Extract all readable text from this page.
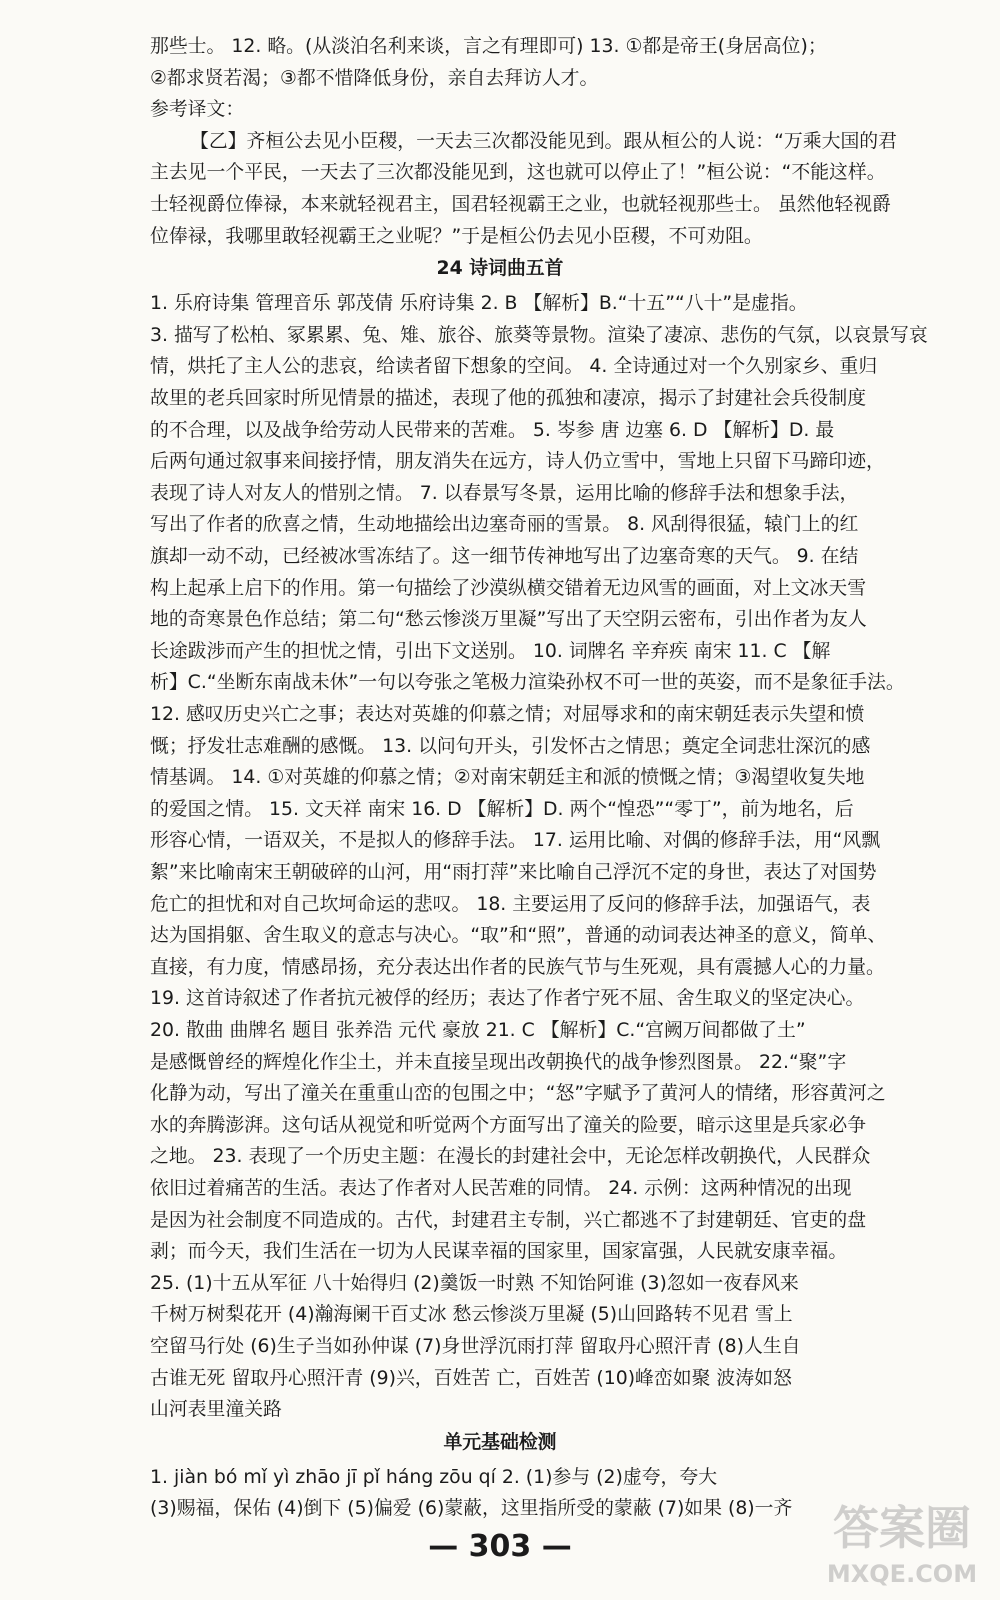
那些士。 12. 略。(从淡泊名利来谈，言之有理即可) 13. ①都是帝王(身居高位)；
②都求贤若渴；③都不惜降低身份，亲自去拜访人才。
参考译文：
【乙】齐桓公去见小臣稷，一天去三次都没能见到。跟从桓公的人说：“万乘大国的君
主去见一个平民，一天去了三次都没能见到，这也就可以停止了！”桓公说：“不能这样。
士轻视爵位俸禄，本来就轻视君主，国君轻视霸王之业，也就轻视那些士。 虽然他轻视爵
位俸禄，我哪里敢轻视霸王之业呢？”于是桓公仍去见小臣稷，不可劝阻。
24 诗词曲五首
1. 乐府诗集 管理音乐 郭茂倩 乐府诗集 2. B 【解析】B.“十五”“八十”是虚指。
3. 描写了松柏、冢累累、兔、雉、旅谷、旅葵等景物。渲染了凄凉、悲伤的气氛，以哀景写哀
情，烘托了主人公的悲哀，给读者留下想象的空间。 4. 全诗通过对一个久别家乡、重归
故里的老兵回家时所见情景的描述，表现了他的孤独和凄凉，揭示了封建社会兵役制度
的不合理，以及战争给劳动人民带来的苦难。 5. 岑参 唐 边塞 6. D 【解析】D. 最
后两句通过叙事来间接抒情，朋友消失在远方，诗人仍立雪中，雪地上只留下马蹄印迹，
表现了诗人对友人的惜别之情。 7. 以春景写冬景，运用比喻的修辞手法和想象手法，
写出了作者的欣喜之情，生动地描绘出边塞奇丽的雪景。 8. 风刮得很猛，辕门上的红
旗却一动不动，已经被冰雪冻结了。这一细节传神地写出了边塞奇寒的天气。 9. 在结
构上起承上启下的作用。第一句描绘了沙漠纵横交错着无边风雪的画面，对上文冰天雪
地的奇寒景色作总结；第二句“愁云惨淡万里凝”写出了天空阴云密布，引出作者为友人
长途跋涉而产生的担忧之情，引出下文送别。 10. 词牌名 辛弃疾 南宋 11. C 【解
析】C.“坐断东南战未休”一句以夸张之笔极力渲染孙权不可一世的英姿，而不是象征手法。
12. 感叹历史兴亡之事；表达对英雄的仰慕之情；对屈辱求和的南宋朝廷表示失望和愤
慨；抒发壮志难酬的感慨。 13. 以问句开头，引发怀古之情思；奠定全词悲壮深沉的感
情基调。 14. ①对英雄的仰慕之情；②对南宋朝廷主和派的愤慨之情；③渴望收复失地
的爱国之情。 15. 文天祥 南宋 16. D 【解析】D. 两个“惶恐”“零丁”，前为地名，后
形容心情，一语双关，不是拟人的修辞手法。 17. 运用比喻、对偶的修辞手法，用“风飘
絮”来比喻南宋王朝破碎的山河，用“雨打萍”来比喻自己浮沉不定的身世，表达了对国势
危亡的担忧和对自己坎坷命运的悲叹。 18. 主要运用了反问的修辞手法，加强语气，表
达为国捐躯、舍生取义的意志与决心。“取”和“照”，普通的动词表达神圣的意义，简单、
直接，有力度，情感昂扬，充分表达出作者的民族气节与生死观，具有震撼人心的力量。
19. 这首诗叙述了作者抗元被俘的经历；表达了作者宁死不屈、舍生取义的坚定决心。
20. 散曲 曲牌名 题目 张养浩 元代 豪放 21. C 【解析】C.“宫阙万间都做了土”
是感慨曾经的辉煌化作尘土，并未直接呈现出改朝换代的战争惨烈图景。 22.“聚”字
化静为动，写出了潼关在重重山峦的包围之中；“怒”字赋予了黄河人的情绪，形容黄河之
水的奔腾澎湃。这句话从视觉和听觉两个方面写出了潼关的险要，暗示这里是兵家必争
之地。 23. 表现了一个历史主题：在漫长的封建社会中，无论怎样改朝换代，人民群众
依旧过着痛苦的生活。表达了作者对人民苦难的同情。 24. 示例：这两种情况的出现
是因为社会制度不同造成的。古代，封建君主专制，兴亡都逃不了封建朝廷、官吏的盘
剥；而今天，我们生活在一切为人民谋幸福的国家里，国家富强，人民就安康幸福。
25. (1)十五从军征 八十始得归 (2)羹饭一时熟 不知饴阿谁 (3)忽如一夜春风来
千树万树梨花开 (4)瀚海阑干百丈冰 愁云惨淡万里凝 (5)山回路转不见君 雪上
空留马行处 (6)生子当如孙仲谋 (7)身世浮沉雨打萍 留取丹心照汗青 (8)人生自
古谁无死 留取丹心照汗青 (9)兴，百姓苦 亡，百姓苦 (10)峰峦如聚 波涛如怒
山河表里潼关路
单元基础检测
1. jiàn bó mǐ yì zhāo jī pǐ háng zōu qí 2. (1)参与 (2)虚夸，夸大
(3)赐福，保佑 (4)倒下 (5)偏爱 (6)蒙蔽，这里指所受的蒙蔽 (7)如果 (8)一齐
— 303 —	答案圈
MXQE.COM
